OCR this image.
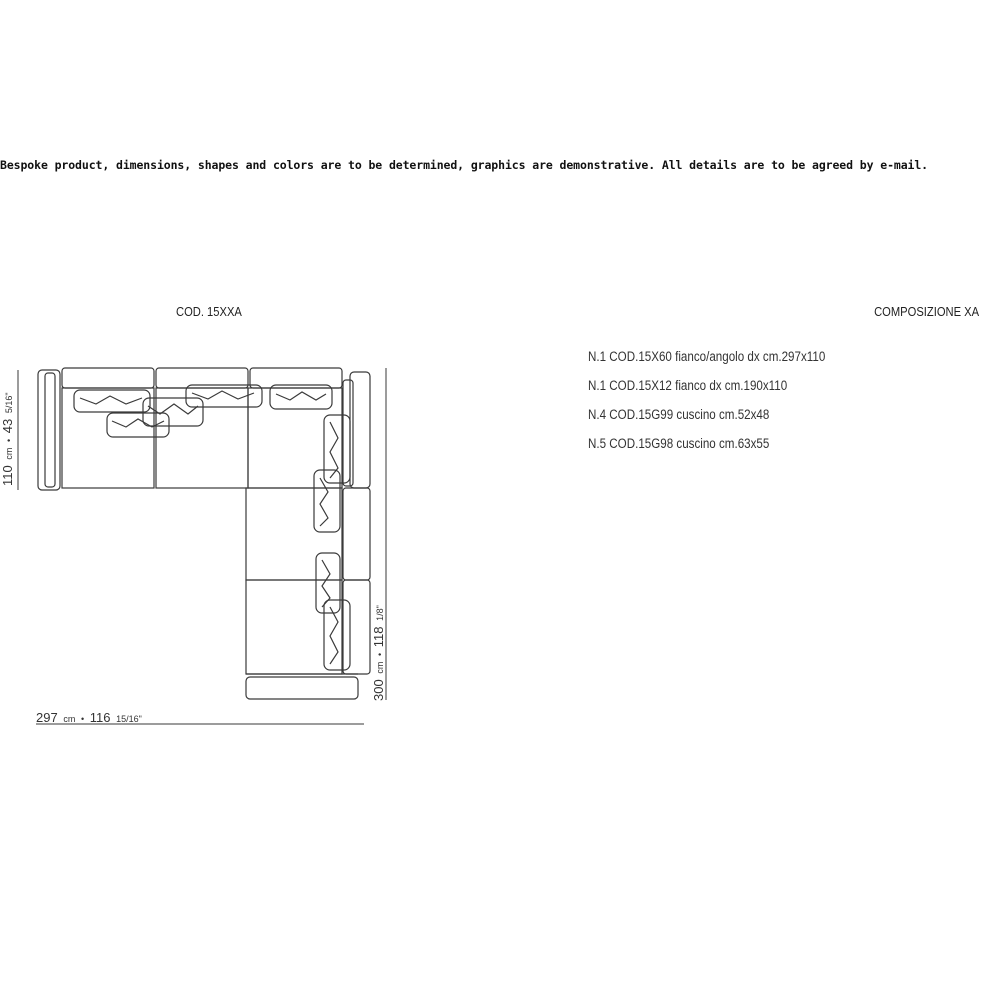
Bespoke product, dimensions, shapes and colors are to be determined, graphics are demonstrative. All details are to be agreed by e-mail.
COD. 15XXA	COMPOSIZIONE XA
N.1 COD.15X60 fianco/angolo dx cm.297x110
N.1 COD.15X12 fianco dx cm.190x110
N.4 COD.15G99 cuscino cm.52x48
N.5 COD.15G98 cuscino cm.63x55
297 cm • 116 15/16"
110 cm • 43 5/16"
300 cm • 118 1/8"
